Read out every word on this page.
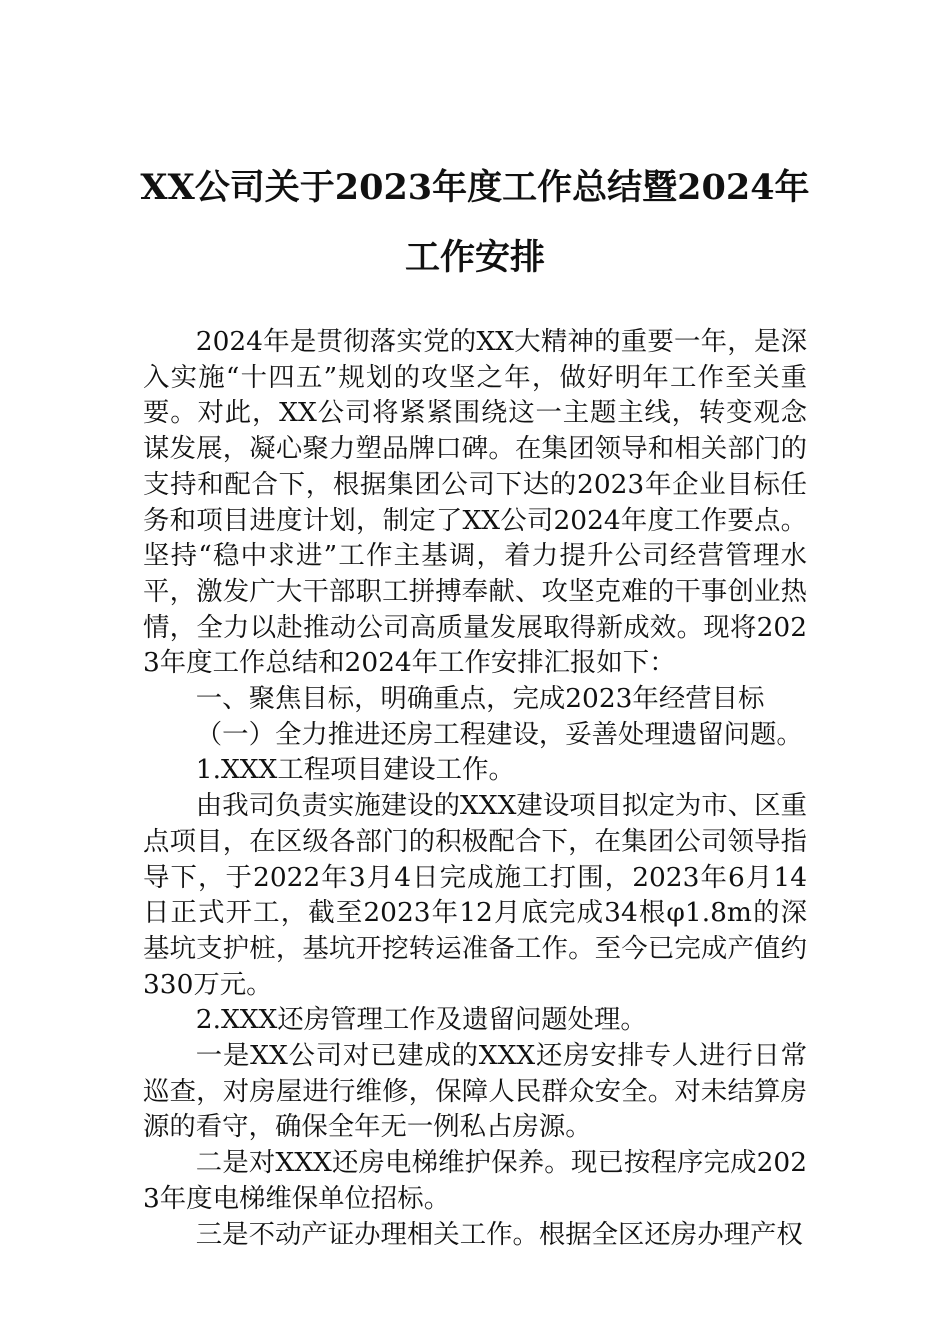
XX公司关于2023年度工作总结暨2024年
工作安排

2024年是贯彻落实党的XX大精神的重要一年，是深入实施“十四五”规划的攻坚之年，做好明年工作至关重要。对此，XX公司将紧紧围绕这一主题主线，转变观念谋发展，凝心聚力塑品牌口碑。在集团领导和相关部门的支持和配合下，根据集团公司下达的2023年企业目标任务和项目进度计划，制定了XX公司2024年度工作要点。坚持“稳中求进”工作主基调，着力提升公司经营管理水平，激发广大干部职工拼搏奉献、攻坚克难的干事创业热情，全力以赴推动公司高质量发展取得新成效。现将2023年度工作总结和2024年工作安排汇报如下：

一、聚焦目标，明确重点，完成2023年经营目标

（一）全力推进还房工程建设，妥善处理遗留问题。

1.XXX工程项目建设工作。

由我司负责实施建设的XXX建设项目拟定为市、区重点项目，在区级各部门的积极配合下，在集团公司领导指导下，于2022年3月4日完成施工打围，2023年6月14日正式开工，截至2023年12月底完成34根φ1.8m的深基坑支护桩，基坑开挖转运准备工作。至今已完成产值约330万元。

2.XXX还房管理工作及遗留问题处理。

一是XX公司对已建成的XXX还房安排专人进行日常巡查，对房屋进行维修，保障人民群众安全。对未结算房源的看守，确保全年无一例私占房源。

二是对XXX还房电梯维护保养。现已按程序完成2023年度电梯维保单位招标。

三是不动产证办理相关工作。根据全区还房办理产权
